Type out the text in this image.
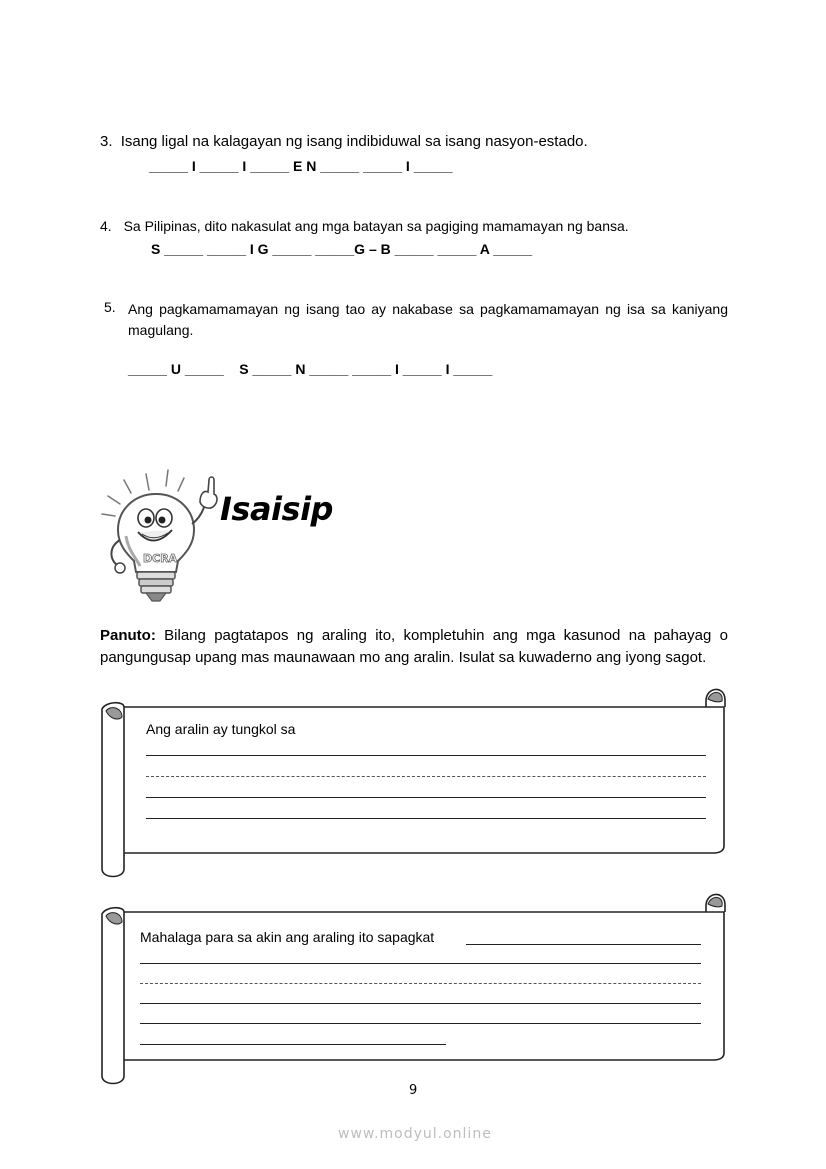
3. Isang ligal na kalagayan ng isang indibiduwal sa isang nasyon-estado.
_____ I _____ I _____ E N _____ _____ I _____
4. Sa Pilipinas, dito nakasulat ang mga batayan sa pagiging mamamayan ng bansa.
S _____ _____ I G _____ _____G – B _____ _____ A _____
5. Ang pagkamamamayan ng isang tao ay nakabase sa pagkamamamayan ng isa sa kaniyang magulang.
_____ U _____    S _____ N _____ _____ I _____ I _____
DCRA
Isaisip
Panuto: Bilang pagtatapos ng araling ito, kompletuhin ang mga kasunod na pahayag o pangungusap upang mas maunawaan mo ang aralin. Isulat sa kuwaderno ang iyong sagot.
Ang aralin ay tungkol sa
Mahalaga para sa akin ang araling ito sapagkat
9
www.modyul.online
